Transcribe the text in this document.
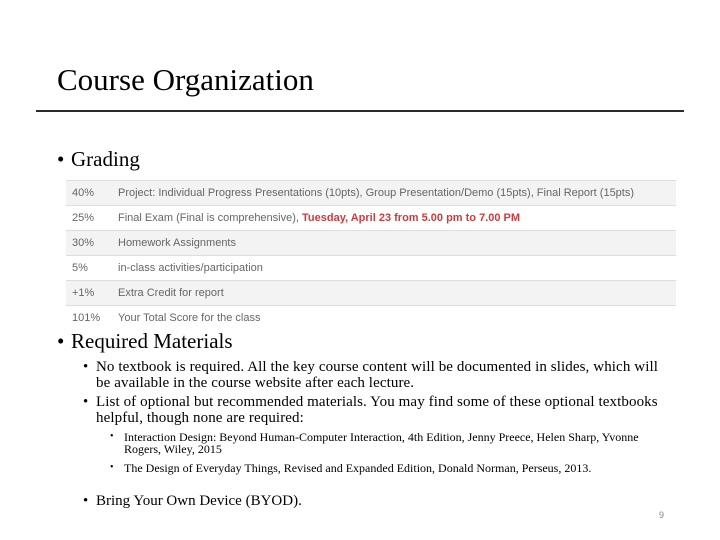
Course Organization
• Grading
40%	Project: Individual Progress Presentations (10pts), Group Presentation/Demo (15pts), Final Report (15pts)
25%	Final Exam (Final is comprehensive), Tuesday, April 23 from 5.00 pm to 7.00 PM
30%	Homework Assignments
5%	in-class activities/participation
+1%	Extra Credit for report
101%	Your Total Score for the class
• Required Materials
• No textbook is required. All the key course content will be documented in slides, which will be available in the course website after each lecture.
• List of optional but recommended materials. You may find some of these optional textbooks helpful, though none are required:
• Interaction Design: Beyond Human-Computer Interaction, 4th Edition, Jenny Preece, Helen Sharp, Yvonne Rogers, Wiley, 2015
• The Design of Everyday Things, Revised and Expanded Edition, Donald Norman, Perseus, 2013.
• Bring Your Own Device (BYOD).
9
